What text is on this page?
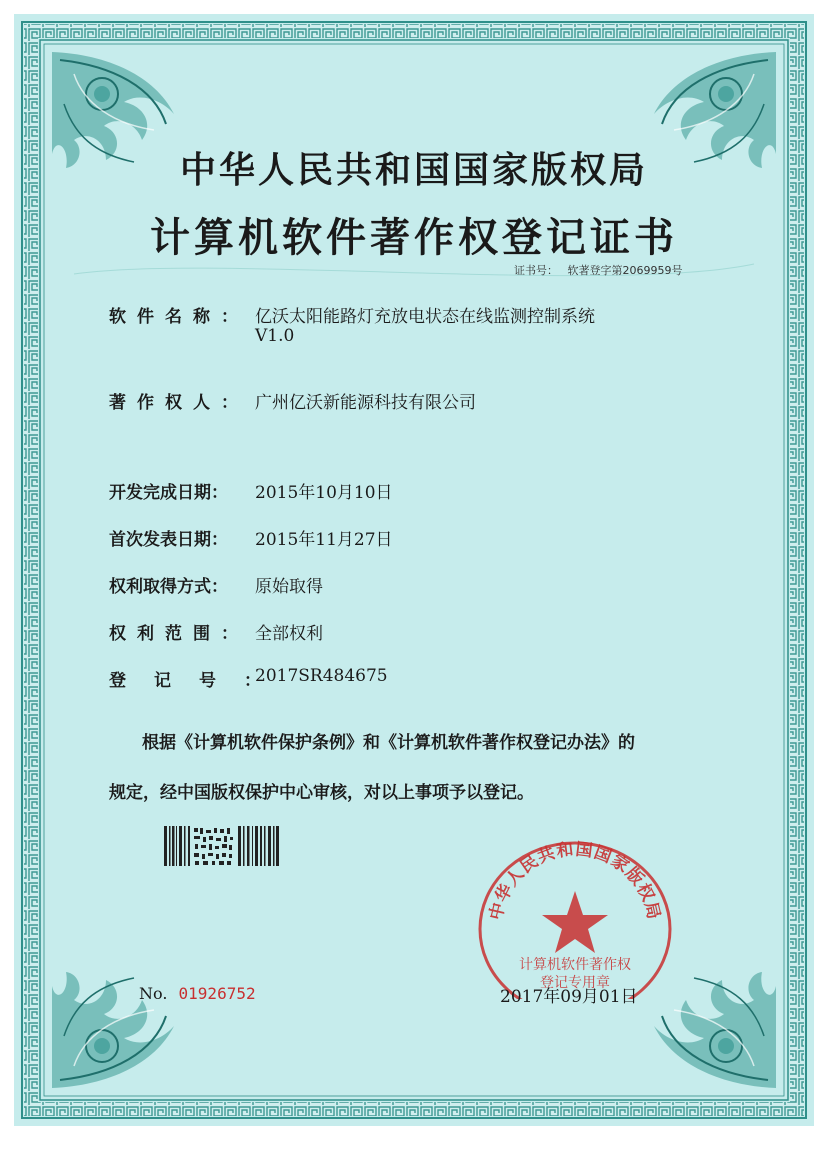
中华人民共和国国家版权局
计算机软件著作权登记证书
证书号： 软著登字第2069959号
软件名称： 亿沃太阳能路灯充放电状态在线监测控制系统
V1.0
著作权人： 广州亿沃新能源科技有限公司
开发完成日期： 2015年10月10日
首次发表日期： 2015年11月27日
权利取得方式： 原始取得
权利范围： 全部权利
登记号：
2017SR484675
根据《计算机软件保护条例》和《计算机软件著作权登记办法》的
规定，经中国版权保护中心审核，对以上事项予以登记。
中华人民共和国国家版权局
计算机软件著作权
登记专用章
No. 01926752	2017年09月01日
